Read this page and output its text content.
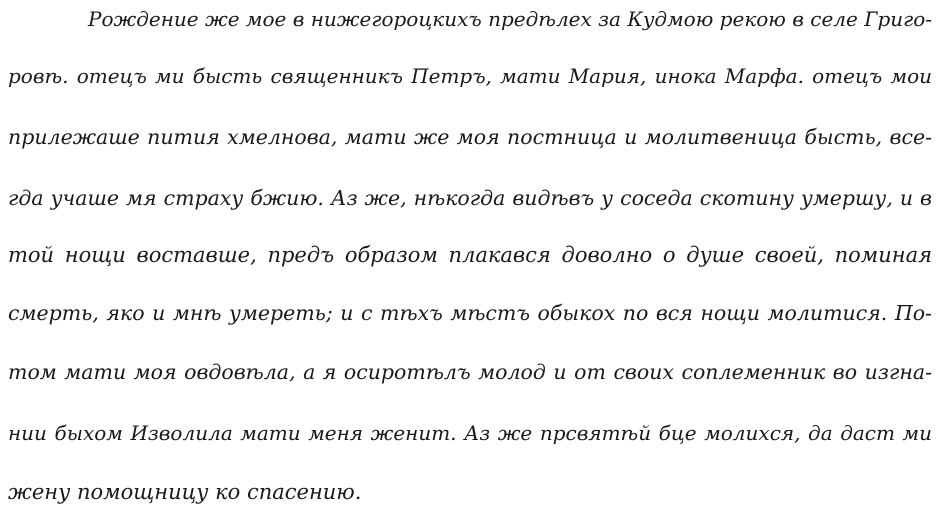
Рождение же мое в нижегороцкихъ предѣлех за Кудмою рекою в селе Григо-
ровѣ. отецъ ми бысть священникъ Петръ, мати Мария, инока Марфа. отецъ мои
прилежаше пития хмелнова, мати же моя постница и молитвеница бысть, все-
гда учаше мя страху бжию. Аз же, нѣкогда видѣвъ у соседа скотину умершу, и в
той нощи воставше, предъ образом плакався доволно о душе своей, поминая
смерть, яко и мнѣ умереть; и с тѣхъ мѣстъ обыкох по вся нощи молитися. По-
том мати моя овдовѣла, а я осиротѣлъ молод и от своих соплеменник во изгна-
нии быхом Изволила мати меня женит. Аз же прсвятѣй бце молихся, да даст ми
жену помощницу ко спасению.
